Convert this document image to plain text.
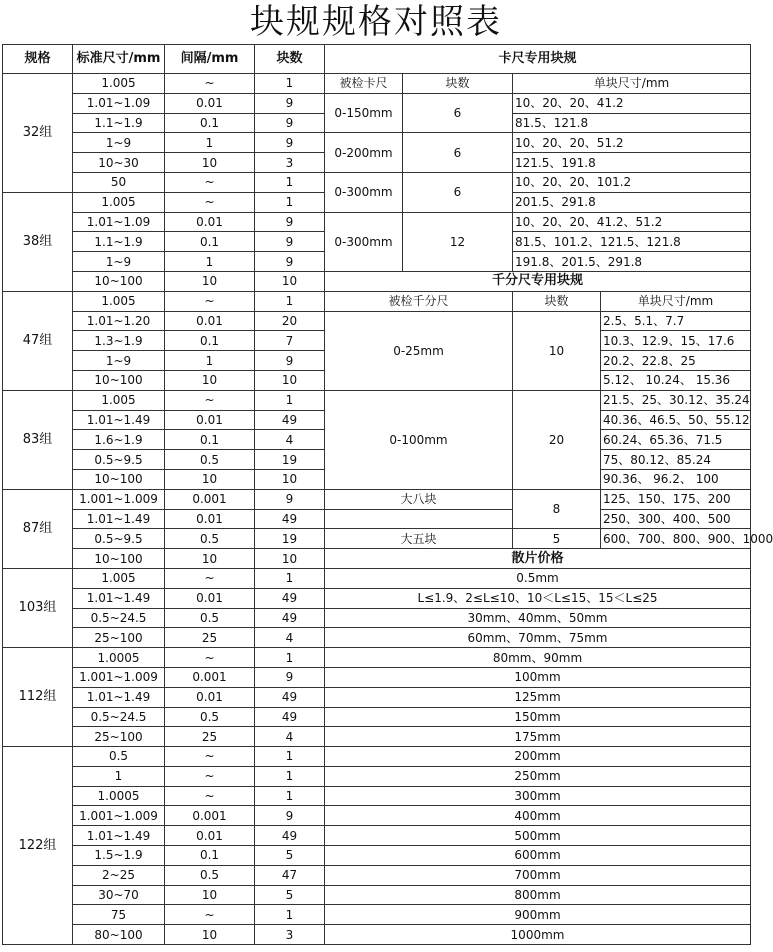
块规规格对照表
规格	标准尺寸/mm	间隔/mm	块数	卡尺专用块规			
32组	1.005	~	1	被检卡尺	块数	单块尺寸/mm	
	1.01~1.09	0.01	9	0-150mm	6	10、20、20、41.2	
	1.1~1.9	0.1	9			81.5、121.8	
	1~9	1	9	0-200mm	6	10、20、20、51.2	
	10~30	10	3			121.5、191.8	
	50	~	1	0-300mm	6	10、20、20、101.2	
38组	1.005	~	1			201.5、291.8	
	1.01~1.09	0.01	9	0-300mm	12	10、20、20、41.2、51.2	
	1.1~1.9	0.1	9			81.5、101.2、121.5、121.8	
	1~9	1	9			191.8、201.5、291.8	
	10~100	10	10	千分尺专用块规			
47组	1.005	~	1	被检千分尺		块数	单块尺寸/mm
	1.01~1.20	0.01	20	0-25mm		10	2.5、5.1、7.7
	1.3~1.9	0.1	7				10.3、12.9、15、17.6
	1~9	1	9				20.2、22.8、25
	10~100	10	10				5.12、 10.24、 15.36
83组	1.005	~	1	0-100mm		20	21.5、25、30.12、35.24
	1.01~1.49	0.01	49				40.36、46.5、50、55.12
	1.6~1.9	0.1	4				60.24、65.36、71.5
	0.5~9.5	0.5	19				75、80.12、85.24
	10~100	10	10				90.36、 96.2、 100
87组	1.001~1.009	0.001	9	大八块		8	125、150、175、200
	1.01~1.49	0.01	49				250、300、400、500
	0.5~9.5	0.5	19	大五块		5	600、700、800、900、1000
	10~100	10	10	散片价格			
103组	1.005	~	1	0.5mm			
	1.01~1.49	0.01	49	L≤1.9、2≤L≤10、10＜L≤15、15＜L≤25			
	0.5~24.5	0.5	49	30mm、40mm、50mm			
	25~100	25	4	60mm、70mm、75mm			
112组	1.0005	~	1	80mm、90mm			
	1.001~1.009	0.001	9	100mm			
	1.01~1.49	0.01	49	125mm			
	0.5~24.5	0.5	49	150mm			
	25~100	25	4	175mm			
122组	0.5	~	1	200mm			
	1	~	1	250mm			
	1.0005	~	1	300mm			
	1.001~1.009	0.001	9	400mm			
	1.01~1.49	0.01	49	500mm			
	1.5~1.9	0.1	5	600mm			
	2~25	0.5	47	700mm			
	30~70	10	5	800mm			
	75	~	1	900mm			
	80~100	10	3	1000mm			
